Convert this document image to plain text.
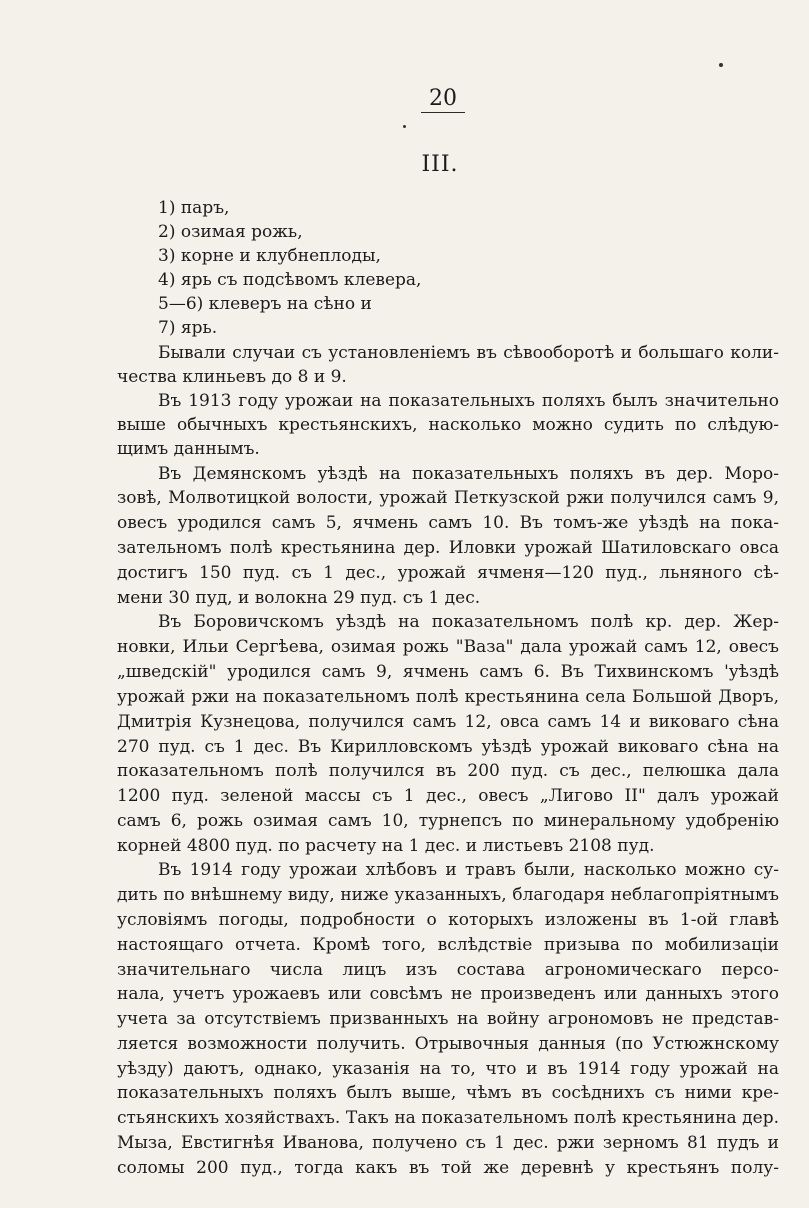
20
III.
1) паръ,
2) озимая рожь,
3) корне и клубнеплоды,
4) ярь съ подсѣвомъ клевера,
5—6) клеверъ на сѣно и
7) ярь.
Бывали случаи съ установленіемъ въ сѣвооборотѣ и большаго коли-
чества клиньевъ до 8 и 9.
Въ 1913 году урожаи на показательныхъ поляхъ былъ значительно
выше обычныхъ крестьянскихъ, насколько можно судить по слѣдую-
щимъ даннымъ.
Въ Демянскомъ уѣздѣ на показательныхъ поляхъ въ дер. Моро-
зовѣ, Молвотицкой волости, урожай Петкузской ржи получился самъ 9,
овесъ уродился самъ 5, ячмень самъ 10. Въ томъ-же уѣздѣ на пока-
зательномъ полѣ крестьянина дер. Иловки урожай Шатиловскаго овса
достигъ 150 пуд. съ 1 дес., урожай ячменя—120 пуд., льняного сѣ-
мени 30 пуд, и волокна 29 пуд. съ 1 дес.
Въ Боровичскомъ уѣздѣ на показательномъ полѣ кр. дер. Жер-
новки, Ильи Сергѣева, озимая рожь "Ваза" дала урожай самъ 12, овесъ
„шведскій" уродился самъ 9, ячмень самъ 6. Въ Тихвинскомъ 'уѣздѣ
урожай ржи на показательномъ полѣ крестьянина села Большой Дворъ,
Дмитрія Кузнецова, получился самъ 12, овса самъ 14 и виковаго сѣна
270 пуд. съ 1 дес. Въ Кирилловскомъ уѣздѣ урожай виковаго сѣна на
показательномъ полѣ получился въ 200 пуд. съ дес., пелюшка дала
1200 пуд. зеленой массы съ 1 дес., овесъ „Лигово II" далъ урожай
самъ 6, рожь озимая самъ 10, турнепсъ по минеральному удобренію
корней 4800 пуд. по расчету на 1 дес. и листьевъ 2108 пуд.
Въ 1914 году урожаи хлѣбовъ и травъ были, насколько можно су-
дить по внѣшнему виду, ниже указанныхъ, благодаря неблагопріятнымъ
условіямъ погоды, подробности о которыхъ изложены въ 1-ой главѣ
настоящаго отчета. Кромѣ того, вслѣдствіе призыва по мобилизаціи
значительнаго числа лицъ изъ состава агрономическаго персо-
нала, учетъ урожаевъ или совсѣмъ не произведенъ или данныхъ этого
учета за отсутствіемъ призванныхъ на войну агрономовъ не представ-
ляется возможности получить. Отрывочныя данныя (по Устюжнскому
уѣзду) даютъ, однако, указанія на то, что и въ 1914 году урожай на
показательныхъ поляхъ былъ выше, чѣмъ въ сосѣднихъ съ ними кре-
стьянскихъ хозяйствахъ. Такъ на показательномъ полѣ крестьянина дер.
Мыза, Евстигнѣя Иванова, получено съ 1 дес. ржи зерномъ 81 пудъ и
соломы 200 пуд., тогда какъ въ той же деревнѣ у крестьянъ полу-
